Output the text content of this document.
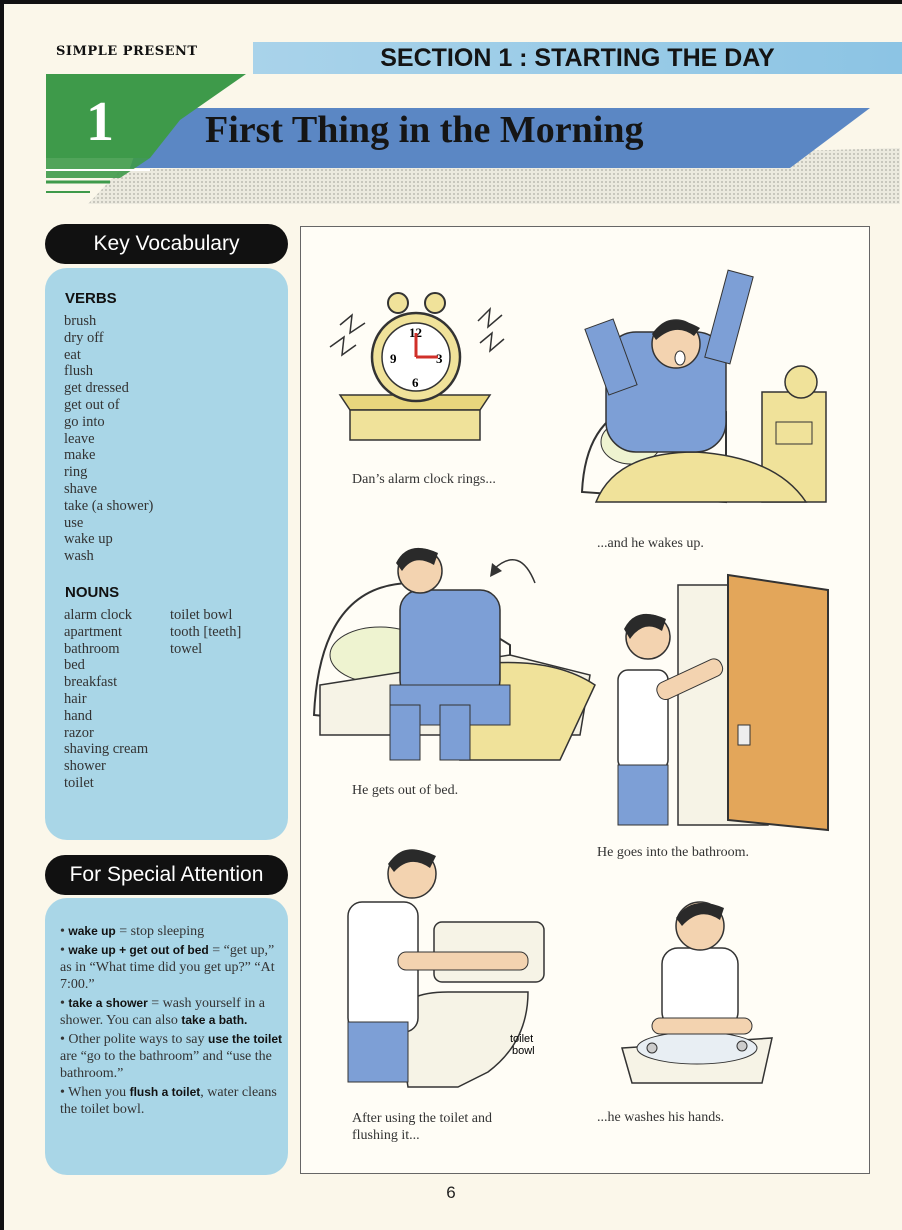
SIMPLE PRESENT	SECTION 1 : STARTING THE DAY
1 First Thing in the Morning
Key Vocabulary
VERBS
brush
dry off
eat
flush
get dressed
get out of
go into
leave
make
ring
shave
take (a shower)
use
wake up
wash
NOUNS
alarm clock
apartment
bathroom
bed
breakfast
hair
hand
razor
shaving cream
shower
toilet
toilet bowl
tooth [teeth]
towel
For Special Attention
• wake up = stop sleeping
• wake up + get out of bed = “get up,” as in “What time did you get up?” “At 7:00.”
• take a shower = wash yourself in a shower. You can also take a bath.
• Other polite ways to say use the toilet are “go to the bathroom” and “use the bathroom.”
• When you flush a toilet, water cleans the toilet bowl.
12
9	3
6
Dan’s alarm clock rings...
...and he wakes up.
He gets out of bed.
He goes into the bathroom.
toilet
bowl
After using the toilet and
flushing it...
...he washes his hands.
6
